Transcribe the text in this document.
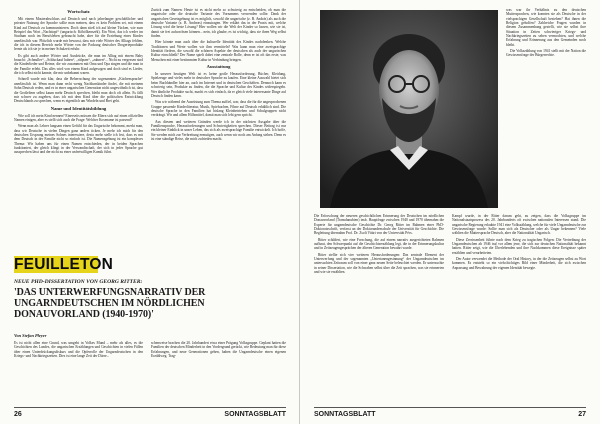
Wortschatz

Mit einem Masterabschluss auf Deutsch und nach jahrelanger geschäftlicher und privater Nutzung der Sprache sollte man meinen, dass es kein Problem sei, mit einem Kind auf Deutsch zu kommunizieren. Doch dann stieß ich auf kleine Tücken, wie zum Beispiel das Wort „Nachttopf“ (ungarisch: Köbölkenszék). Ein Wort, das ich weder im Studium noch im Berufsleben gebraucht habe, aber für die Erziehung eines Kindes unerlässlich war. Plötzlich wurde mir bewusst, dass mir viele Wörter des Alltags fehlten, die ich in diesem Bereich mehr Wörter von der Packung deutscher Drogerieprodukte lernte als ich sie je in meiner Schulzeit erfuhr.

Es gibt auch andere Wörter und Ausdrücke, die man im Alltag mit einem Baby braucht: „Schnuller“, „Schluckauf haben“, „rülpsen“, „zahnen“... Nicht zu vergessen sind die Kinderlieder und Reime, die wir zusammen mit Oma und Opa singen und die man in der Familie erlebt. Das alles wird von einem Kind aufgesogen und doch sind es Lieder, die ich selbst nicht kannte, die mir unbekannt waren.

Schnell wurde mir klar, dass die Beherrschung der sogenannten „Küchensprache“ unerlässlich ist. Wenn man dann recht wenig Nachbarskinder findet, die mit meinem Sohn Deutsch reden, und es in einer ungarischen Generation nicht ungewöhnlich ist, dass die Großeltern selbst kaum mehr Deutsch sprechen, bleibt man doch oft allein. Es fällt mir schwer zu zugeben, dass ich mit dem Kind über die politischen Entwicklung Deutschlands zu sprechen, wenn es eigentlich um Windeln und Brei geht.

Name und Identitätsbildung

Wie soll ich mein Kind nennen? Einerseits müssen die Eltern sich auf einen offiziellen Namen einigen, aber es stellt sich auch die Frage: Welcher Kosename ist passend?

Wenn man als Lehrer langsam einen Gefühl für das Ungarische bekommt, merkt man, dass wir Deutsche in vielen Dingen ganz anders ticken. Je mehr ich mich für den deutschen Ursprung meines Sohnes interessiere, desto mehr stelle ich fest, dass es mit dem Deutsch in der Familie nicht so einfach ist. Die Namensgebung ist ein komplexes Thema: Wir haben uns für einen Namen entschieden, der in beiden Sprachen funktioniert, der gleich klingt in der Verwandtschaft, der sich in jeder Sprache gut aussprechen lässt und der nicht zu einer unfreiwilligen Komik führt.

Zurück zum Namen: Heute ist es nicht mehr so schwierig zu entscheiden, ob man die ungarische oder die deutsche Variante des Vornamens verwenden sollte. Dank der ungarischen Gesetzgebung ist es möglich, sowohl die ungarische (z. B. András) als auch die deutsche Variante (z. B. Andreas) einzutragen. Wer erklärt das in der Praxis mit, welche Lösung wird die beste Lösung? Hier wollen wir die Welt der Kinder so lassen, wie sie ist, damit sie frei aufwachsen können... nein, ich glaube, es ist wichtig, dass sie ihren Weg selbst finden.

Hier könnte man auch über die kulturelle Identität des Kindes nachdenken. Welche Traditionen und Werte wollen wir ihm vermitteln? Was kann man eine zweisprachige Identität fördern, die sowohl die schönen Aspekte der deutschen als auch der ungarischen Kultur einschließt? Der Name spielt dabei eine zentrale Rolle, denn er ist oft das erste, was Menschen mit einer bestimmten Kultur in Verbindung bringen.

Ausstattung

In unserer heutigen Welt ist es keine große Herausforderung, Bücher, Kleidung, Spielzeuge und vieles mehr in deutscher Sprache zu kaufen. Eine kleine Auswahl bietet sich beim Buchhändler hier an, auch im Internet und in deutschen Geschäften. Dennoch kann es schwierig sein, Produkte zu finden, die die Sprache und Kultur des Kindes widerspiegeln. Wer ähnliche Produkte sucht, macht es sich einfach, da er gleich viele interessante Dinge auf Deutsch finden kann.

Was wir während der Ausrüstung zum Thema auffiel, war, dass die für die angesprochenen Gruppe passende Kinderliteratur, Musik, Spielsachen, Filme auf Deutsch erhältlich sind. Die deutsche Sprache in den Familien hat bislang Kleinbetrieben und Schulgruppen nicht verdrängt. Wir und allem Hilfsmittel, damit man sich lebt gern spricht.

Aus diesem und weiteren Gründen werde ich in der nächsten Ausgabe über die Familiensprache, Herausforderungen und Schwierigkeiten sprechen. Dieser Beitrag ist nur ein kleiner Einblick in unser Leben, das sich als zweisprachige Familie entwickelt. Ich hoffe, Sie werden mich zur Verbreitung ermutigen, auch wenn wir noch am Anfang stehen. Denn es ist eine ständige Reise, die mich zufrieden macht.

FEUILLETON
NEUE PHD-DISSERTATION VON GEORG RITTER:
'DAS UNTERWERFUNGSNARRATIV DER UNGARNDEUTSCHEN IM NÖRDLICHEN DONAUVORLAND (1940-1970)'
Von Stefan Pleyer

Es ist nicht allen eine Grund, was umgeht in Volkes Mund – mehr als alles, es die Geschichten des Landes, die ungarischen Erzählungen und Geschichten in vielen Fällen über einen Unterdrückungsdiskurs und die Opferrolle der Ungarndeutschen in den Kriegs- und Nachkriegszeiten. Dies ist eine lange Zeit der Dürre...

schenweise brachen die 20. Jahrhundert etwa einer Prägung Volksgruppe. Geplant hatten die Familien der deutschen Minderheit in den Vordergrund gerückt, wie Bedeutung man für diese Erfahrungen, und neue Generationen gehen, haben die Ungarndeutsche einen eigenen Erzählweg. Trag-

26	SONNTAGSBLATT

was war ihr Verhältnis zu den deutschen Muttersprachen, wie konnten sie als Deutsche in der vielsprachigen Gesellschaft bestehen? Hat ihnen die Religion geholfen? Zahlreiche Fragen wurden in diesem Zusammenhang gestellt, wie sie selbst ihre Situation in Zeiten schwieriger Kriegs- und Nachkriegszeiten zu sehen vermochten, und welche Erfahrung und Erinnerung aus den Gemeinden noch bleibt.

Die Volkszählung von 1941 stellt mit der Nation die Gewissensfrage der Bürgerrechte.

Die Erforschung der neueren geschichtlichen Erinnerung der Deutschen im nördlichen Donauvorland (Transdanubien) insb. Hauptfrage zwischen 1940 und 1970 übernahm die Experte für ungarndeutsche Geschichte Dr. Georg Ritter im Rahmen einer PhD-Doktoratsschrift, verfasst an der Doktorandenschule der Universität für Geschichte. Die Begleitung übernahm Prof. Dr. Zsolt Vitári von der Universität Pécs.

Ritter schildert, wie eine Forschung, die auf einem narrativ ausgerichteten Rahmen aufbaut, den Schwerpunkt auf die Geschichtserzählung legt, die in der Erinnerungskultur und in Zeitzeugengesprächen der älteren Generation bewahrt wurde.

Ritter stellte sich vier weiteren Herausforderungen: Das zentrale Element der Unterwerfung und der sogenannten „Untertanengesinnung“ der Ungarndeutschen im untersuchten Zeitraum soll von einer ganz neuen Seite beleuchtet werden. Er untersuchte in seiner Dissertation, wie die Schwaben selbst über die Zeit sprachen, was sie erinnerten und wie sie erzählten.

Kampf wurde, in der Ritter darum geht, zu zeigen, dass die Volksgruppe im Nationalstaatsprozess des 20. Jahrhunderts oft zwischen nationalen Interessen stand. Die ungarische Regierung erlaubte 1941 eine Volkszählung, welche für viele Ungarndeutsche zur Gewissensfrage wurde: Sollte man sich als Deutscher oder als Ungar bekennen? Viele wählten die Muttersprache Deutsch, aber die Nationalität Ungarisch.

Diese Zerrissenheit führte nach dem Krieg zu tragischen Folgen: Die Vertreibung der Ungarndeutschen ab 1946 traf vor allem jene, die sich zur deutschen Nationalität bekannt hatten. Ritter zeigt, wie die Überlebenden und ihre Nachkommen diese Ereignisse später erzählten und verarbeiteten.

Der Autor verwendet die Methode der Oral History, in der die Zeitzeugen selbst zu Wort kommen. Es entsteht so ein vielschichtiges Bild einer Minderheit, die sich zwischen Anpassung und Bewahrung der eigenen Identität bewegte.

SONNTAGSBLATT	27
